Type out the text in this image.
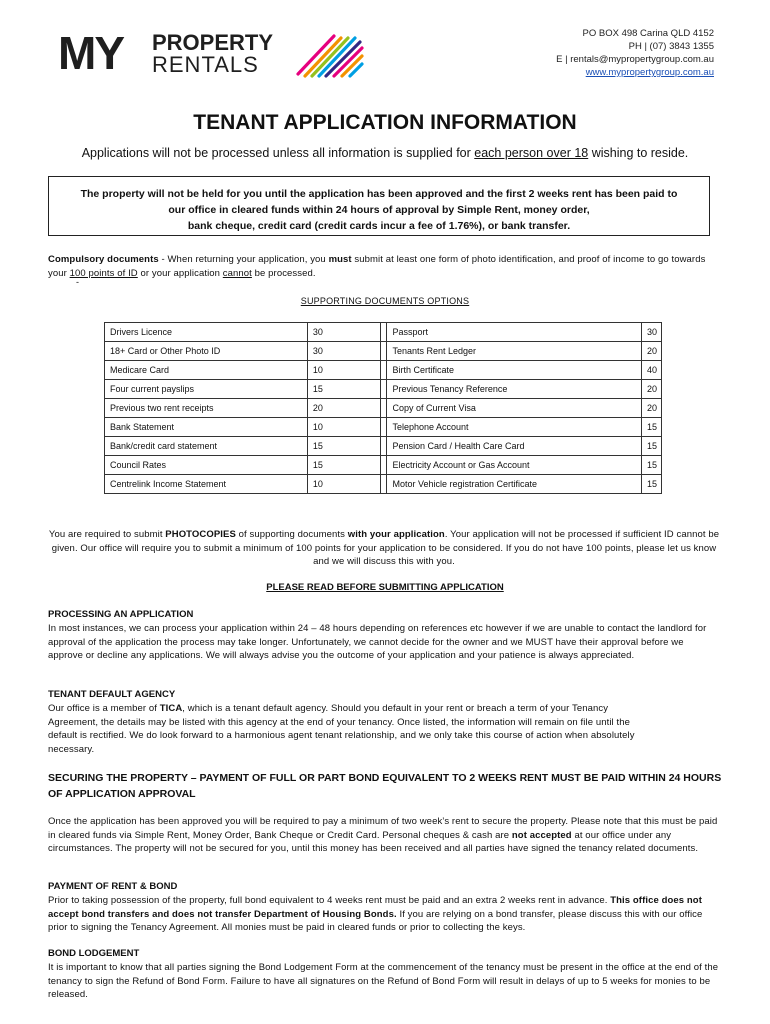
MY PROPERTY
RENTALS
PO BOX 498 Carina QLD 4152
PH | (07) 3843 1355
E | rentals@mypropertygroup.com.au
www.mypropertygroup.com.au
TENANT APPLICATION INFORMATION
Applications will not be processed unless all information is supplied for each person over 18 wishing to reside.
The property will not be held for you until the application has been approved and the first 2 weeks rent has been paid to
our office in cleared funds within 24 hours of approval by Simple Rent, money order,
bank cheque, credit card (credit cards incur a fee of 1.76%), or bank transfer.
Compulsory documents - When returning your application, you must submit at least one form of photo identification, and proof of income to go towards your 100 points of ID or your application cannot be processed.
-
SUPPORTING DOCUMENTS OPTIONS
Drivers Licence	30		Passport	30
18+ Card or Other Photo ID	30		Tenants Rent Ledger	20
Medicare Card	10		Birth Certificate	40
Four current payslips	15		Previous Tenancy Reference	20
Previous two rent receipts	20		Copy of Current Visa	20
Bank Statement	10		Telephone Account	15
Bank/credit card statement	15		Pension Card / Health Care Card	15
Council Rates	15		Electricity Account or Gas Account	15
Centrelink Income Statement	10		Motor Vehicle registration Certificate	15
You are required to submit PHOTOCOPIES of supporting documents with your application. Your application will not be processed if sufficient ID cannot be given. Our office will require you to submit a minimum of 100 points for your application to be considered. If you do not have 100 points, please let us know and we will discuss this with you.
PLEASE READ BEFORE SUBMITTING APPLICATION
PROCESSING AN APPLICATION
In most instances, we can process your application within 24 – 48 hours depending on references etc however if we are unable to contact the landlord for approval of the application the process may take longer. Unfortunately, we cannot decide for the owner and we MUST have their approval before we approve or decline any applications. We will always advise you the outcome of your application and your patience is always appreciated.
TENANT DEFAULT AGENCY
Our office is a member of TICA, which is a tenant default agency. Should you default in your rent or breach a term of your Tenancy Agreement, the details may be listed with this agency at the end of your tenancy. Once listed, the information will remain on file until the default is rectified. We do look forward to a harmonious agent tenant relationship, and we only take this course of action when absolutely necessary.
SECURING THE PROPERTY – PAYMENT OF FULL OR PART BOND EQUIVALENT TO 2 WEEKS RENT MUST BE PAID WITHIN 24 HOURS OF APPLICATION APPROVAL
Once the application has been approved you will be required to pay a minimum of two week’s rent to secure the property. Please note that this must be paid in cleared funds via Simple Rent, Money Order, Bank Cheque or Credit Card. Personal cheques & cash are not accepted at our office under any circumstances. The property will not be secured for you, until this money has been received and all parties have signed the tenancy related documents.
PAYMENT OF RENT & BOND
Prior to taking possession of the property, full bond equivalent to 4 weeks rent must be paid and an extra 2 weeks rent in advance. This office does not accept bond transfers and does not transfer Department of Housing Bonds. If you are relying on a bond transfer, please discuss this with our office prior to signing the Tenancy Agreement. All monies must be paid in cleared funds or prior to collecting the keys.
BOND LODGEMENT
It is important to know that all parties signing the Bond Lodgement Form at the commencement of the tenancy must be present in the office at the end of the tenancy to sign the Refund of Bond Form. Failure to have all signatures on the Refund of Bond Form will result in delays of up to 5 weeks for monies to be released.
